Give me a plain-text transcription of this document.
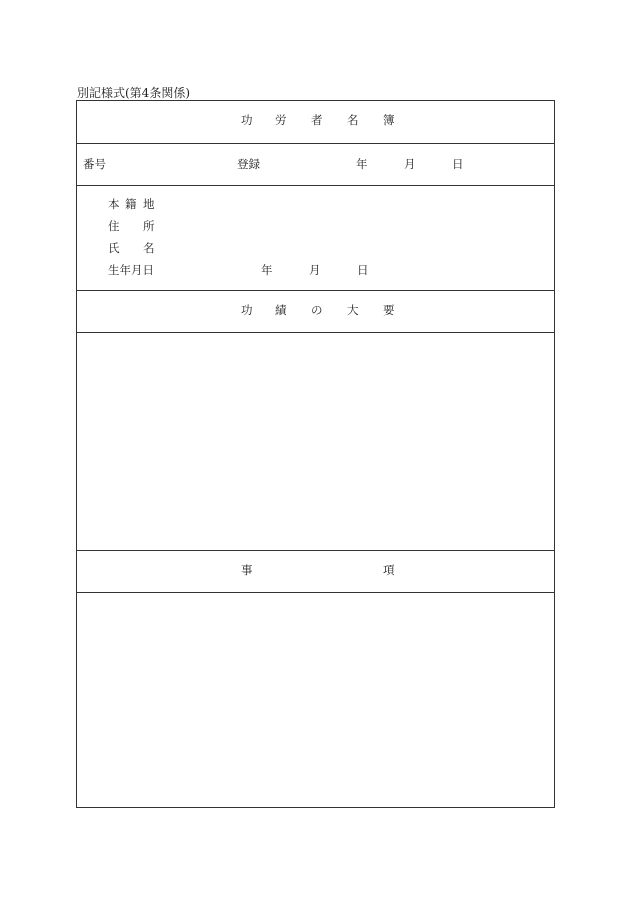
別記様式(第4条関係)
功 労 者 名 簿
番号	登録	年	月	日
本 籍 地
住 所
氏 名
生年月日	年	月	日
功 績 の 大 要
事	項
